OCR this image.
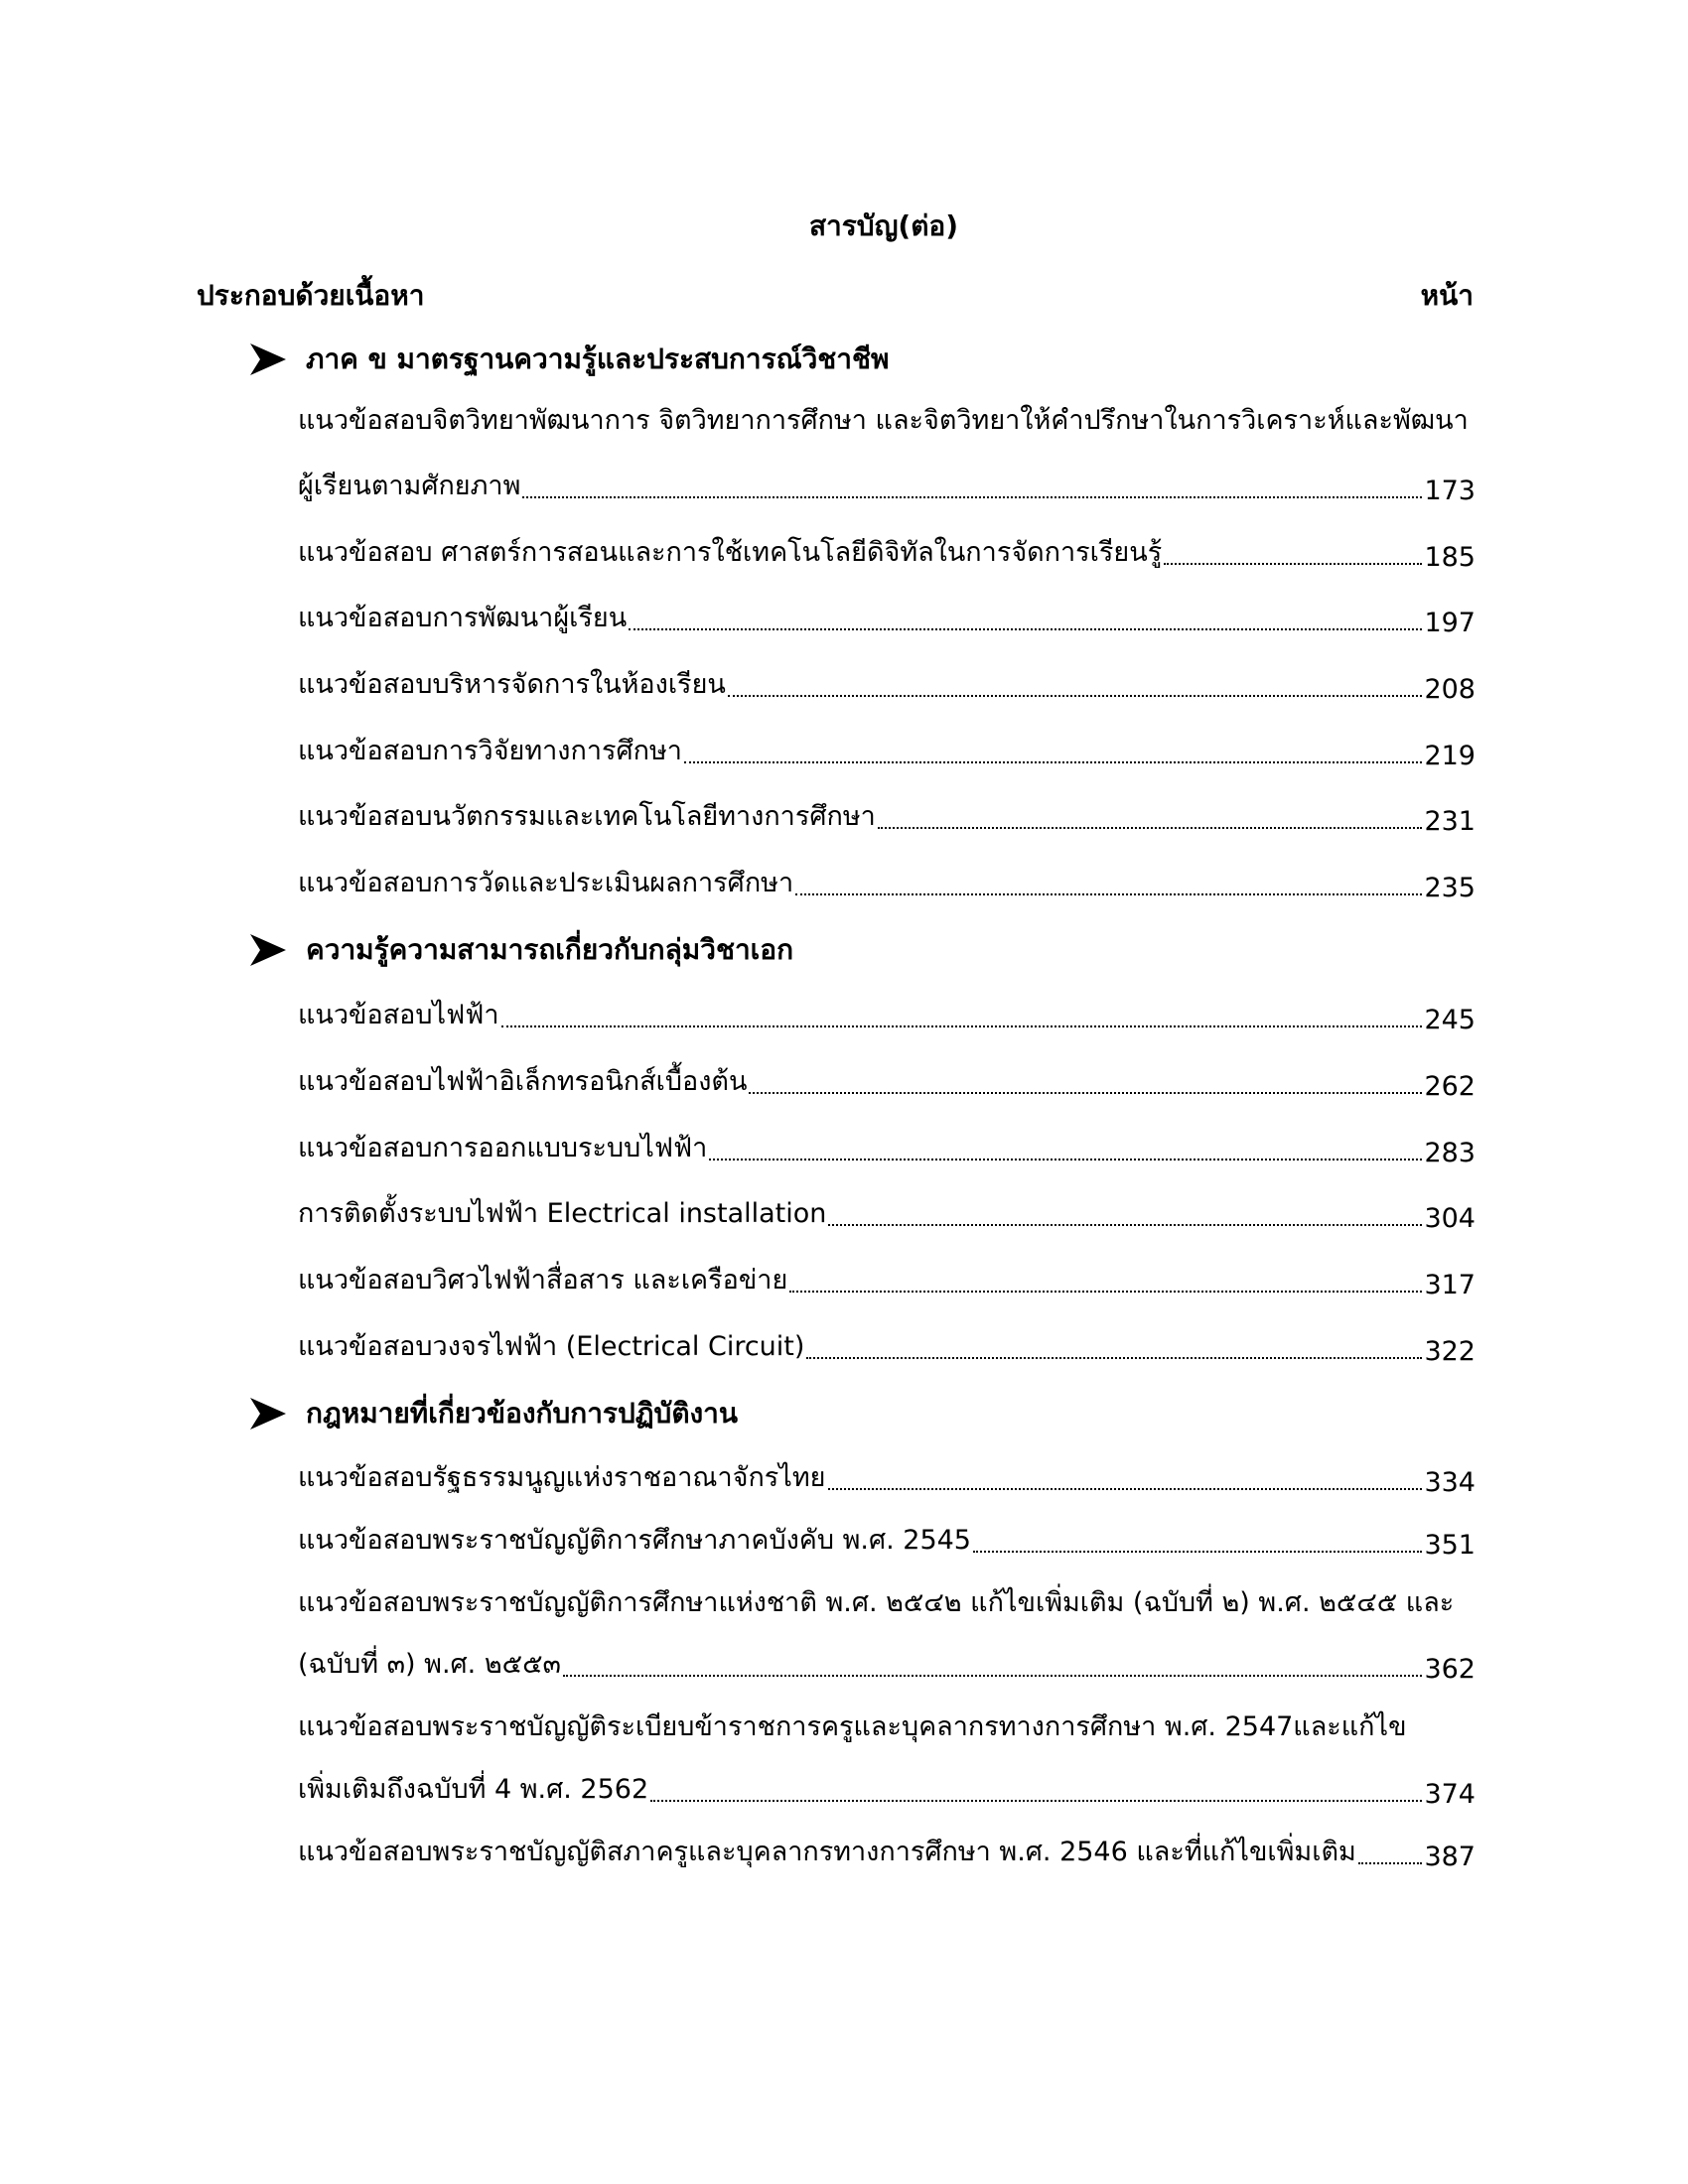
สารบัญ(ต่อ)
ประกอบด้วยเนื้อหา	หน้า
ภาค ข มาตรฐานความรู้และประสบการณ์วิชาชีพ
แนวข้อสอบจิตวิทยาพัฒนาการ จิตวิทยาการศึกษา และจิตวิทยาให้คำปรึกษาในการวิเคราะห์และพัฒนา
ผู้เรียนตามศักยภาพ	173
แนวข้อสอบ ศาสตร์การสอนและการใช้เทคโนโลยีดิจิทัลในการจัดการเรียนรู้	185
แนวข้อสอบการพัฒนาผู้เรียน	197
แนวข้อสอบบริหารจัดการในห้องเรียน	208
แนวข้อสอบการวิจัยทางการศึกษา	219
แนวข้อสอบนวัตกรรมและเทคโนโลยีทางการศึกษา	231
แนวข้อสอบการวัดและประเมินผลการศึกษา	235
ความรู้ความสามารถเกี่ยวกับกลุ่มวิชาเอก
แนวข้อสอบไฟฟ้า	245
แนวข้อสอบไฟฟ้าอิเล็กทรอนิกส์เบื้องต้น	262
แนวข้อสอบการออกแบบระบบไฟฟ้า	283
การติดตั้งระบบไฟฟ้า Electrical installation	304
แนวข้อสอบวิศวไฟฟ้าสื่อสาร และเครือข่าย	317
แนวข้อสอบวงจรไฟฟ้า (Electrical Circuit)	322
กฎหมายที่เกี่ยวข้องกับการปฏิบัติงาน
แนวข้อสอบรัฐธรรมนูญแห่งราชอาณาจักรไทย	334
แนวข้อสอบพระราชบัญญัติการศึกษาภาคบังคับ พ.ศ. 2545	351
แนวข้อสอบพระราชบัญญัติการศึกษาแห่งชาติ พ.ศ. ๒๕๔๒ แก้ไขเพิ่มเติม (ฉบับที่ ๒) พ.ศ. ๒๕๔๕ และ
(ฉบับที่ ๓) พ.ศ. ๒๕๕๓	362
แนวข้อสอบพระราชบัญญัติระเบียบข้าราชการครูและบุคลากรทางการศึกษา พ.ศ. 2547และแก้ไข
เพิ่มเติมถึงฉบับที่ 4 พ.ศ. 2562	374
แนวข้อสอบพระราชบัญญัติสภาครูและบุคลากรทางการศึกษา พ.ศ. 2546 และที่แก้ไขเพิ่มเติม	387
